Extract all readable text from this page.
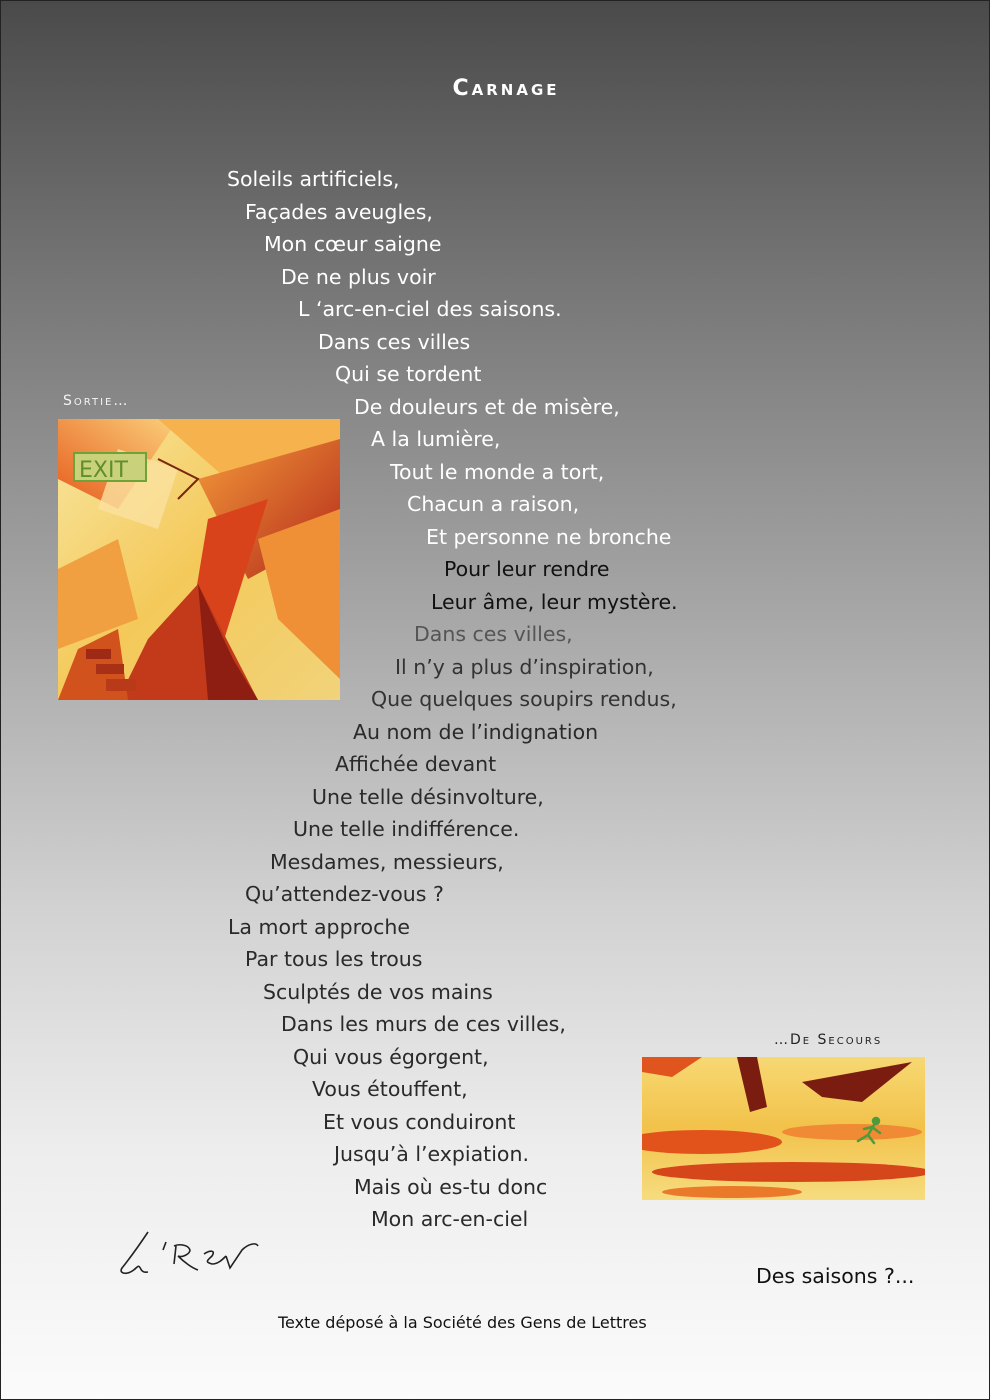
Carnage
Soleils artificiels,
Façades aveugles,
Mon cœur saigne
De ne plus voir
L ‘arc-en-ciel des saisons.
Dans ces villes
Qui se tordent
De douleurs et de misère,
A la lumière,
Tout le monde a tort,
Chacun a raison,
Et personne ne bronche
Pour leur rendre
Leur âme, leur mystère.
Dans ces villes,
Il n’y a plus d’inspiration,
Que quelques soupirs rendus,
Au nom de l’indignation
Affichée devant
Une telle désinvolture,
Une telle indifférence.
Mesdames, messieurs,
Qu’attendez-vous ?
La mort approche
Par tous les trous
Sculptés de vos mains
Dans les murs de ces villes,
Qui vous égorgent,
Vous étouffent,
Et vous conduiront
Jusqu’à l’expiation.
Mais où es-tu donc
Mon arc-en-ciel
Sortie…
EXIT
…De Secours
Des saisons ?...
Texte déposé à la Société des Gens de Lettres
